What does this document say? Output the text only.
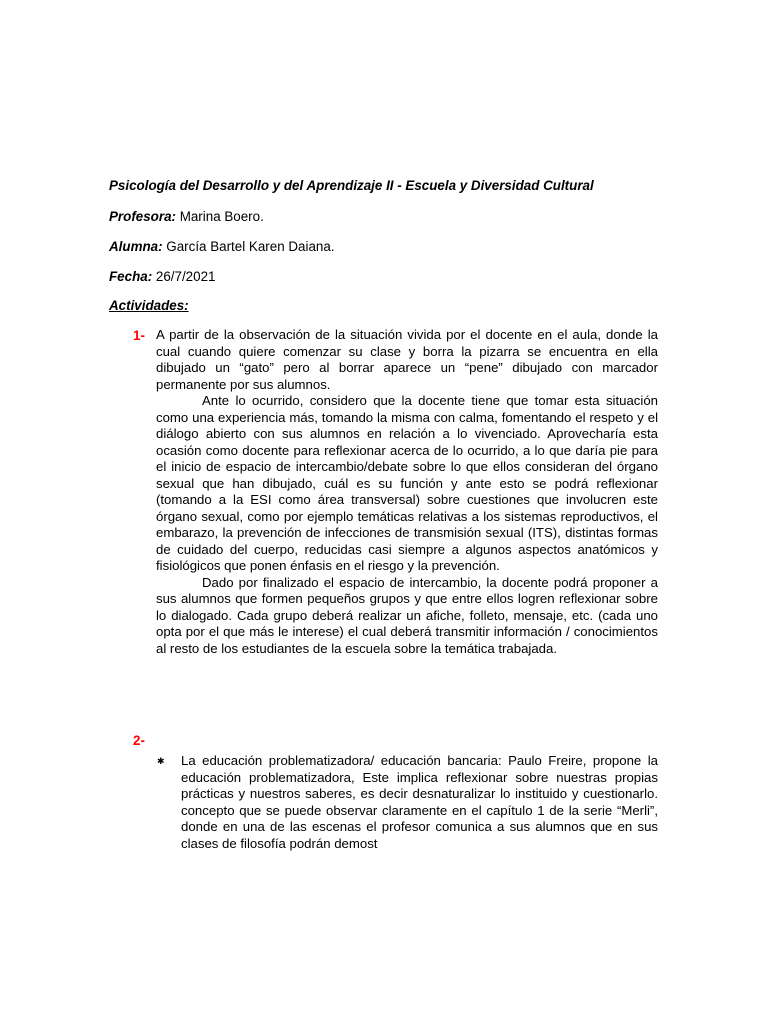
Psicología del Desarrollo y del Aprendizaje II - Escuela y Diversidad Cultural
Profesora: Marina Boero.
Alumna: García Bartel Karen Daiana.
Fecha: 26/7/2021
Actividades:
1- A partir de la observación de la situación vivida por el docente en el aula, donde la cual cuando quiere comenzar su clase y borra la pizarra se encuentra en ella dibujado un “gato” pero al borrar aparece un “pene” dibujado con marcador permanente por sus alumnos.

Ante lo ocurrido, considero que la docente tiene que tomar esta situación como una experiencia más, tomando la misma con calma, fomentando el respeto y el diálogo abierto con sus alumnos en relación a lo vivenciado. Aprovecharía esta ocasión como docente para reflexionar acerca de lo ocurrido, a lo que daría pie para el inicio de espacio de intercambio/debate sobre lo que ellos consideran del órgano sexual que han dibujado, cuál es su función y ante esto se podrá reflexionar (tomando a la ESI como área transversal) sobre cuestiones que involucren este órgano sexual, como por ejemplo temáticas relativas a los sistemas reproductivos, el embarazo, la prevención de infecciones de transmisión sexual (ITS), distintas formas de cuidado del cuerpo, reducidas casi siempre a algunos aspectos anatómicos y fisiológicos que ponen énfasis en el riesgo y la prevención.

Dado por finalizado el espacio de intercambio, la docente podrá proponer a sus alumnos que formen pequeños grupos y que entre ellos logren reflexionar sobre lo dialogado. Cada grupo deberá realizar un afiche, folleto, mensaje, etc. (cada uno opta por el que más le interese) el cual deberá transmitir información / conocimientos al resto de los estudiantes de la escuela sobre la temática trabajada.

2-
✱ La educación problematizadora/ educación bancaria: Paulo Freire, propone la educación problematizadora, Este implica reflexionar sobre nuestras propias prácticas y nuestros saberes, es decir desnaturalizar lo instituido y cuestionarlo. concepto que se puede observar claramente en el capítulo 1 de la serie “Merli”, donde en una de las escenas el profesor comunica a sus alumnos que en sus clases de filosofía podrán demost
